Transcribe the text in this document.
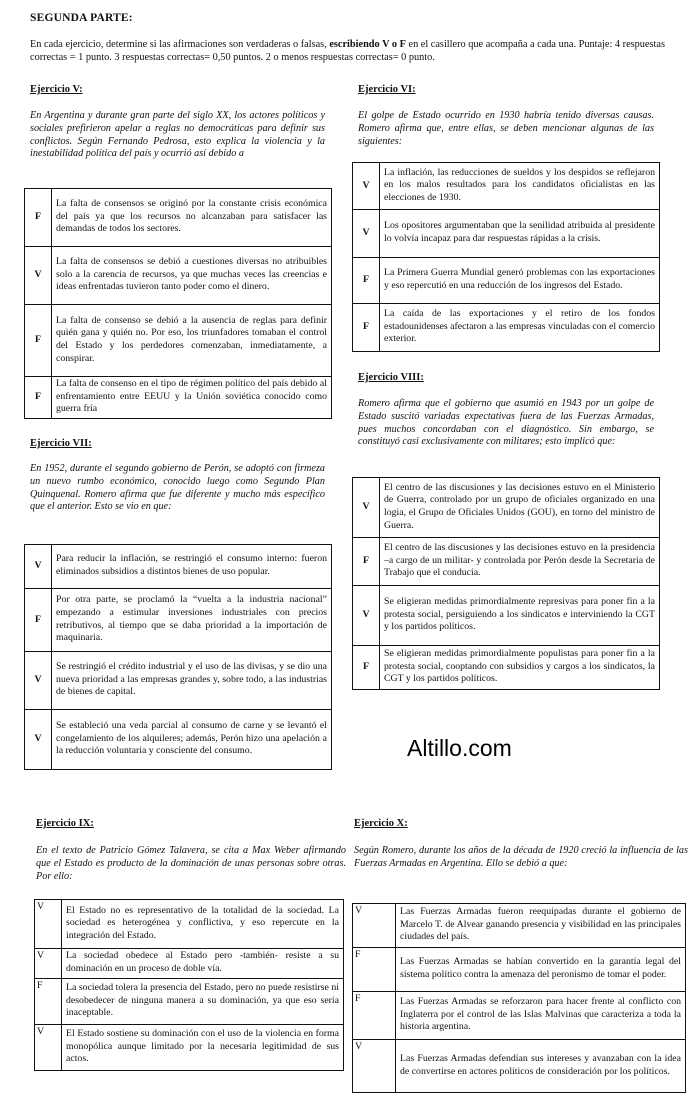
SEGUNDA PARTE:
En cada ejercicio, determine si las afirmaciones son verdaderas o falsas, escribiendo V o F en el casillero que acompaña a cada una. Puntaje: 4 respuestas correctas = 1 punto. 3 respuestas correctas= 0,50 puntos. 2 o menos respuestas correctas= 0 punto.
Ejercicio V:
En Argentina y durante gran parte del siglo XX, los actores políticos y sociales prefirieron apelar a reglas no democráticas para definir sus conflictos. Según Fernando Pedrosa, esto explica la violencia y la inestabilidad política del país y ocurrió así debido a
F	La falta de consensos se originó por la constante crisis económica del país ya que los recursos no alcanzaban para satisfacer las demandas de todos los sectores.
V	La falta de consensos se debió a cuestiones diversas no atribuibles solo a la carencia de recursos, ya que muchas veces las creencias e ideas enfrentadas tuvieron tanto poder como el dinero.
F	La falta de consenso se debió a la ausencia de reglas para definir quién gana y quién no. Por eso, los triunfadores tomaban el control del Estado y los perdedores comenzaban, inmediatamente, a conspirar.
F	La falta de consenso en el tipo de régimen político del país debido al enfrentamiento entre EEUU y la Unión soviética conocido como guerra fría
Ejercicio VII:
En 1952, durante el segundo gobierno de Perón, se adoptó con firmeza un nuevo rumbo económico, conocido luego como Segundo Plan Quinquenal. Romero afirma que fue diferente y mucho más específico que el anterior. Esto se vio en que:
V	Para reducir la inflación, se restringió el consumo interno: fueron eliminados subsidios a distintos bienes de uso popular.
F	Por otra parte, se proclamó la “vuelta a la industria nacional” empezando a estimular inversiones industriales con precios retributivos, al tiempo que se daba prioridad a la importación de maquinaria.
V	Se restringió el crédito industrial y el uso de las divisas, y se dio una nueva prioridad a las empresas grandes y, sobre todo, a las industrias de bienes de capital.
V	Se estableció una veda parcial al consumo de carne y se levantó el congelamiento de los alquileres; además, Perón hizo una apelación a la reducción voluntaria y consciente del consumo.
Ejercicio VI:
El golpe de Estado ocurrido en 1930 habría tenido diversas causas. Romero afirma que, entre ellas, se deben mencionar algunas de las siguientes:
V	La inflación, las reducciones de sueldos y los despidos se reflejaron en los malos resultados para los candidatos oficialistas en las elecciones de 1930.
V	Los opositores argumentaban que la senilidad atribuida al presidente lo volvía incapaz para dar respuestas rápidas a la crisis.
F	La Primera Guerra Mundial generó problemas con las exportaciones y eso repercutió en una reducción de los ingresos del Estado.
F	La caída de las exportaciones y el retiro de los fondos estadounidenses afectaron a las empresas vinculadas con el comercio exterior.
Ejercicio VIII:
Romero afirma que el gobierno que asumió en 1943 por un golpe de Estado suscitó variadas expectativas fuera de las Fuerzas Armadas, pues muchos concordaban con el diagnóstico. Sin embargo, se constituyó casi exclusivamente con militares; esto implicó que:
V	El centro de las discusiones y las decisiones estuvo en el Ministerio de Guerra, controlado por un grupo de oficiales organizado en una logia, el Grupo de Oficiales Unidos (GOU), en torno del ministro de Guerra.
F	El centro de las discusiones y las decisiones estuvo en la presidencia –a cargo de un militar- y controlada por Perón desde la Secretaría de Trabajo que el conducía.
V	Se eligieran medidas primordialmente represivas para poner fin a la protesta social, persiguiendo a los sindicatos e interviniendo la CGT y los partidos políticos.
F	Se eligieran medidas primordialmente populistas para poner fin a la protesta social, cooptando con subsidios y cargos a los sindicatos, la CGT y los partidos políticos.
Altillo.com
Ejercicio IX:
En el texto de Patricio Gómez Talavera, se cita a Max Weber afirmando que el Estado es producto de la dominación de unas personas sobre otras. Por ello:
V	El Estado no es representativo de la totalidad de la sociedad. La sociedad es heterogénea y conflictiva, y eso repercute en la integración del Estado.
V	La sociedad obedece al Estado pero -también- resiste a su dominación en un proceso de doble vía.
F	La sociedad tolera la presencia del Estado, pero no puede resistirse ni desobedecer de ninguna manera a su dominación, ya que eso sería inaceptable.
V	El Estado sostiene su dominación con el uso de la violencia en forma monopólica aunque limitado por la necesaria legitimidad de sus actos.
Ejercicio X:
Según Romero, durante los años de la década de 1920 creció la influencia de las Fuerzas Armadas en Argentina. Ello se debió a que:
V	Las Fuerzas Armadas fueron reequipadas durante el gobierno de Marcelo T. de Alvear ganando presencia y visibilidad en las principales ciudades del país.
F	Las Fuerzas Armadas se habían convertido en la garantía legal del sistema político contra la amenaza del peronismo de tomar el poder.
F	Las Fuerzas Armadas se reforzaron para hacer frente al conflicto con Inglaterra por el control de las Islas Malvinas que caracteriza a toda la historia argentina.
V	Las Fuerzas Armadas defendían sus intereses y avanzaban con la idea de convertirse en actores políticos de consideración por los políticos.
